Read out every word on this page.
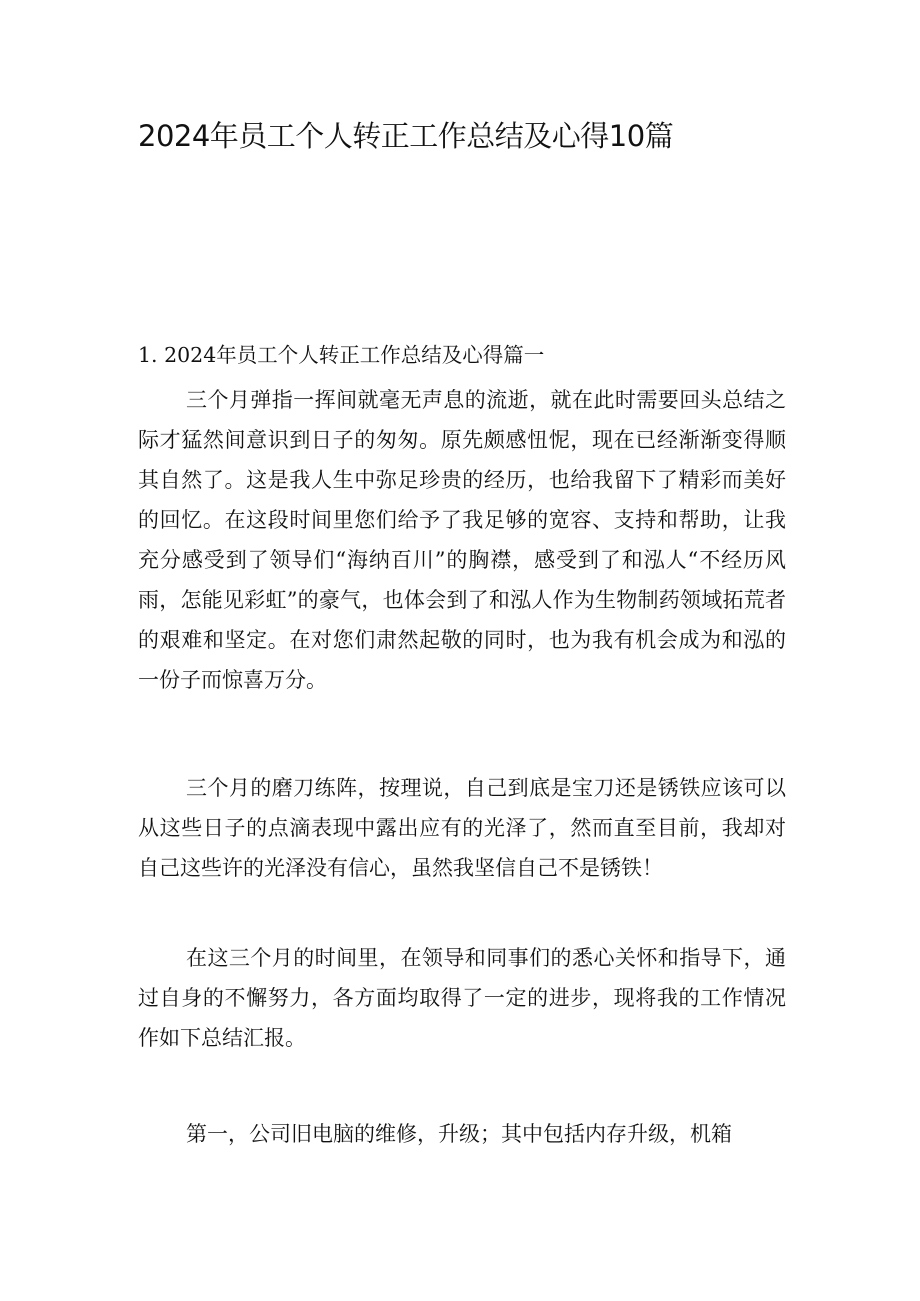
2024年员工个人转正工作总结及心得10篇
1. 2024年员工个人转正工作总结及心得篇一

三个月弹指一挥间就毫无声息的流逝，就在此时需要回头总结之际才猛然间意识到日子的匆匆。原先颇感忸怩，现在已经渐渐变得顺其自然了。这是我人生中弥足珍贵的经历，也给我留下了精彩而美好的回忆。在这段时间里您们给予了我足够的宽容、支持和帮助，让我充分感受到了领导们“海纳百川”的胸襟，感受到了和泓人“不经历风雨，怎能见彩虹”的豪气，也体会到了和泓人作为生物制药领域拓荒者的艰难和坚定。在对您们肃然起敬的同时，也为我有机会成为和泓的一份子而惊喜万分。

三个月的磨刀练阵，按理说，自己到底是宝刀还是锈铁应该可以从这些日子的点滴表现中露出应有的光泽了，然而直至目前，我却对自己这些许的光泽没有信心，虽然我坚信自己不是锈铁！

在这三个月的时间里，在领导和同事们的悉心关怀和指导下，通过自身的不懈努力，各方面均取得了一定的进步，现将我的工作情况作如下总结汇报。

第一，公司旧电脑的维修，升级；其中包括内存升级，机箱
